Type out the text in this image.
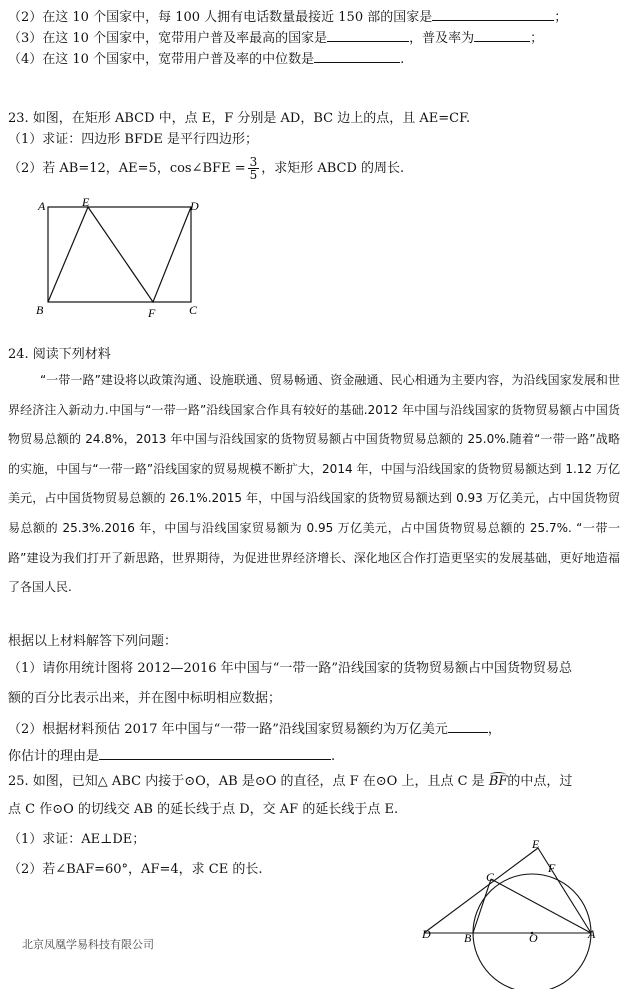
（2）在这 10 个国家中，每 100 人拥有电话数量最接近 150 部的国家是	；
（3）在这 10 个国家中，宽带用户普及率最高的国家是	，普及率为	；
（4）在这 10 个国家中，宽带用户普及率的中位数是	.
23. 如图，在矩形 ABCD 中，点 E，F 分别是 AD，BC 边上的点，且 AE=CF.
（1）求证：四边形 BFDE 是平行四边形；
（2）若 AB=12，AE=5，cos∠BFE = $\frac{3}{5}$ ，求矩形 ABCD 的周长.
A	E	D
B	F	C
24. 阅读下列材料
“一带一路”建设将以政策沟通、设施联通、贸易畅通、资金融通、民心相通为主要内容，为沿线国家发展和世界经济注入新动力.中国与“一带一路”沿线国家合作具有较好的基础.2012 年中国与沿线国家的货物贸易额占中国货物贸易总额的 24.8%，2013 年中国与沿线国家的货物贸易额占中国货物贸易总额的 25.0%.随着“一带一路”战略的实施，中国与“一带一路”沿线国家的贸易规模不断扩大，2014 年，中国与沿线国家的货物贸易额达到 1.12 万亿美元，占中国货物贸易总额的 26.1%.2015 年，中国与沿线国家的货物贸易额达到 0.93 万亿美元，占中国货物贸易总额的 25.3%.2016 年，中国与沿线国家贸易额为 0.95 万亿美元，占中国货物贸易总额的 25.7%. “一带一路”建设为我们打开了新思路，世界期待，为促进世界经济增长、深化地区合作打造更坚实的发展基础，更好地造福了各国人民.
根据以上材料解答下列问题：
（1）请你用统计图将 2012—2016 年中国与“一带一路”沿线国家的货物贸易额占中国货物贸易总
额的百分比表示出来，并在图中标明相应数据；
（2）根据材料预估 2017 年中国与“一带一路”沿线国家贸易额约为万亿美元	，
你估计的理由是	.
25. 如图，已知△ ABC 内接于⊙O，AB 是⊙O 的直径，点 F 在⊙O 上，且点 C 是 BF的中点，过
点 C 作⊙O 的切线交 AB 的延长线于点 D，交 AF 的延长线于点 E.
（1）求证：AE⊥DE；
（2）若∠BAF=60°，AF=4，求 CE 的长.
北京凤凰学易科技有限公司
E
F
C
D	B	O	A
